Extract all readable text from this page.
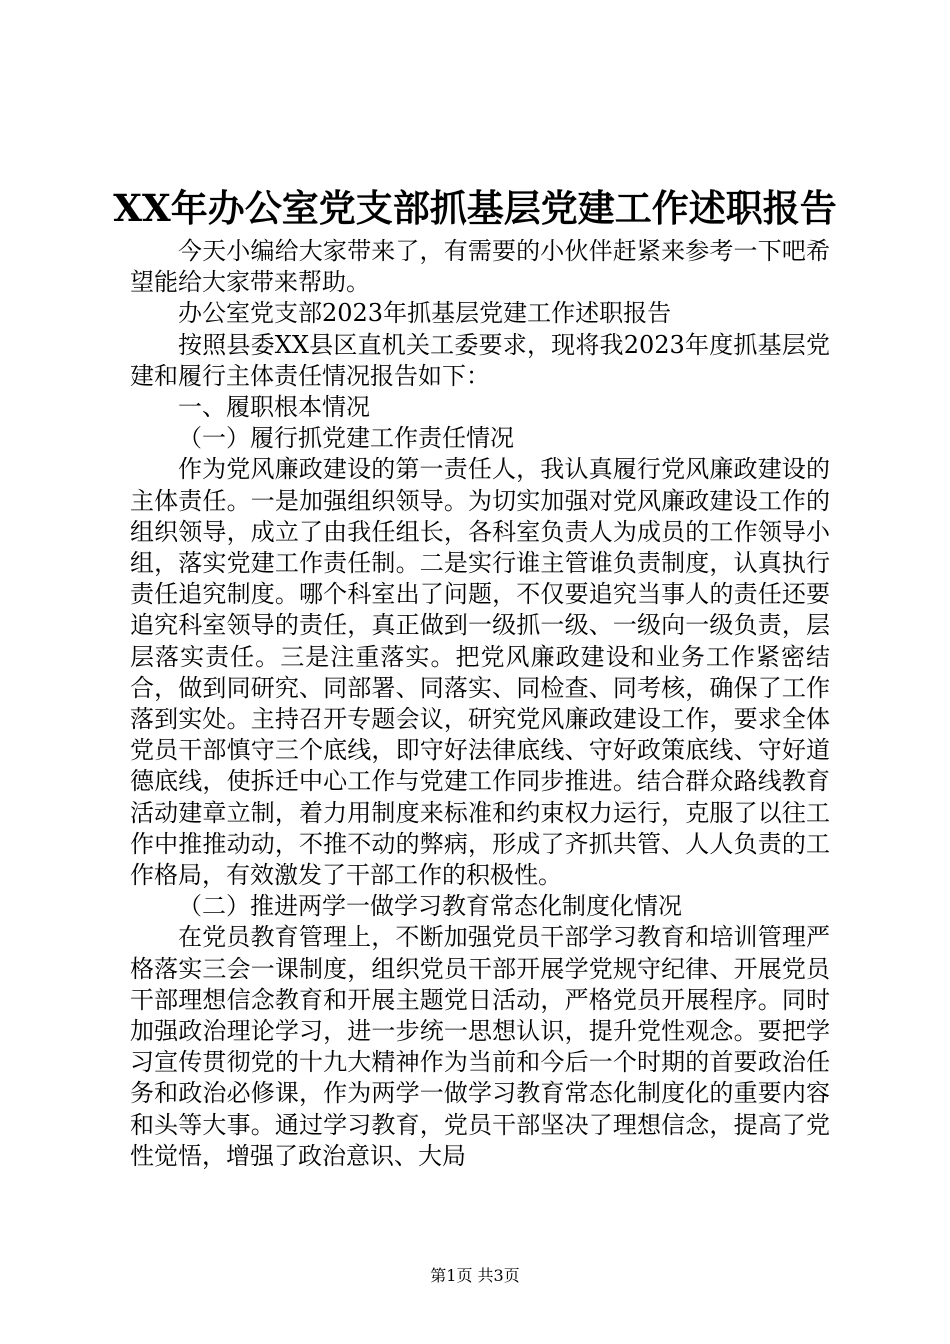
XX年办公室党支部抓基层党建工作述职报告

今天小编给大家带来了，有需要的小伙伴赶紧来参考一下吧希望能给大家带来帮助。

办公室党支部2023年抓基层党建工作述职报告

按照县委XX县区直机关工委要求，现将我2023年度抓基层党建和履行主体责任情况报告如下：

一、履职根本情况

（一）履行抓党建工作责任情况

作为党风廉政建设的第一责任人，我认真履行党风廉政建设的主体责任。一是加强组织领导。为切实加强对党风廉政建设工作的组织领导，成立了由我任组长，各科室负责人为成员的工作领导小组，落实党建工作责任制。二是实行谁主管谁负责制度，认真执行责任追究制度。哪个科室出了问题，不仅要追究当事人的责任还要追究科室领导的责任，真正做到一级抓一级、一级向一级负责，层层落实责任。三是注重落实。把党风廉政建设和业务工作紧密结合，做到同研究、同部署、同落实、同检查、同考核，确保了工作落到实处。主持召开专题会议，研究党风廉政建设工作，要求全体党员干部慎守三个底线，即守好法律底线、守好政策底线、守好道德底线，使拆迁中心工作与党建工作同步推进。结合群众路线教育活动建章立制，着力用制度来标准和约束权力运行，克服了以往工作中推推动动，不推不动的弊病，形成了齐抓共管、人人负责的工作格局，有效激发了干部工作的积极性。

（二）推进两学一做学习教育常态化制度化情况

在党员教育管理上，不断加强党员干部学习教育和培训管理严格落实三会一课制度，组织党员干部开展学党规守纪律、开展党员干部理想信念教育和开展主题党日活动，严格党员开展程序。同时加强政治理论学习，进一步统一思想认识，提升党性观念。要把学习宣传贯彻党的十九大精神作为当前和今后一个时期的首要政治任务和政治必修课，作为两学一做学习教育常态化制度化的重要内容和头等大事。通过学习教育，党员干部坚决了理想信念，提高了党性觉悟，增强了政治意识、大局

第1页 共3页
